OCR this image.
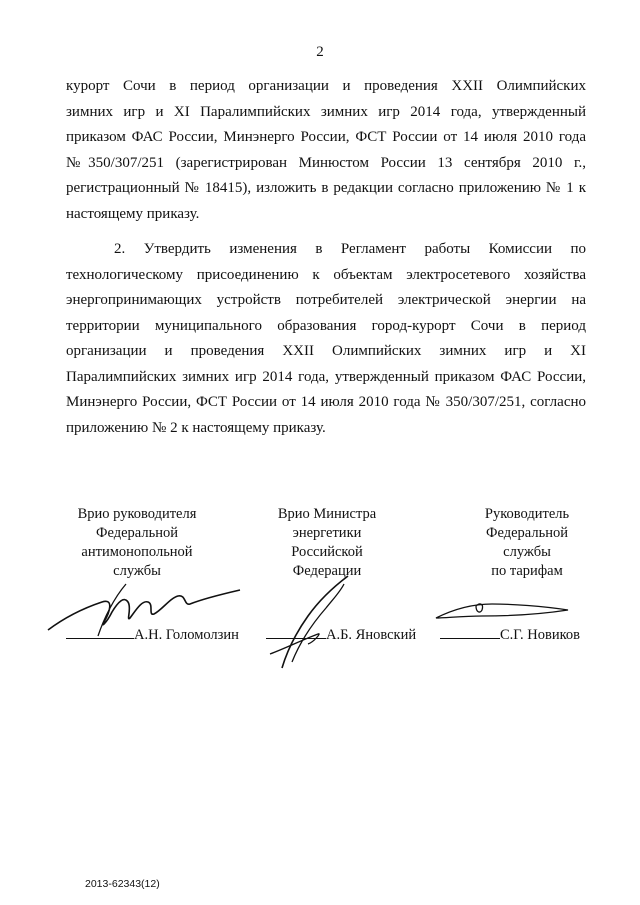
2
курорт Сочи в период организации и проведения XXII Олимпийских
зимних игр и XI Паралимпийских зимних игр 2014 года, утвержденный
приказом ФАС России, Минэнерго России, ФСТ России от 14 июля 2010 года
№350/307/251 (зарегистрирован Минюстом России 13 сентября 2010 г.,
регистрационный № 18415), изложить в редакции согласно приложению № 1 к
настоящему приказу.
2. Утвердить изменения в Регламент работы Комиссии по
технологическому присоединению к объектам электросетевого хозяйства
энергопринимающих устройств потребителей электрической энергии на
территории муниципального образования город-курорт Сочи в период
организации и проведения XXII Олимпийских зимних игр и XI
Паралимпийских зимних игр 2014 года, утвержденный приказом ФАС России,
Минэнерго России, ФСТ России от 14 июля 2010 года № 350/307/251, согласно
приложению № 2 к настоящему приказу.
Врио руководителя
Федеральной
антимонопольной
службы
Врио Министра
энергетики
Российской
Федерации
Руководитель
Федеральной
службы
по тарифам
А.Н. Голомолзин	А.Б. Яновский	С.Г. Новиков
2013-62343(12)
